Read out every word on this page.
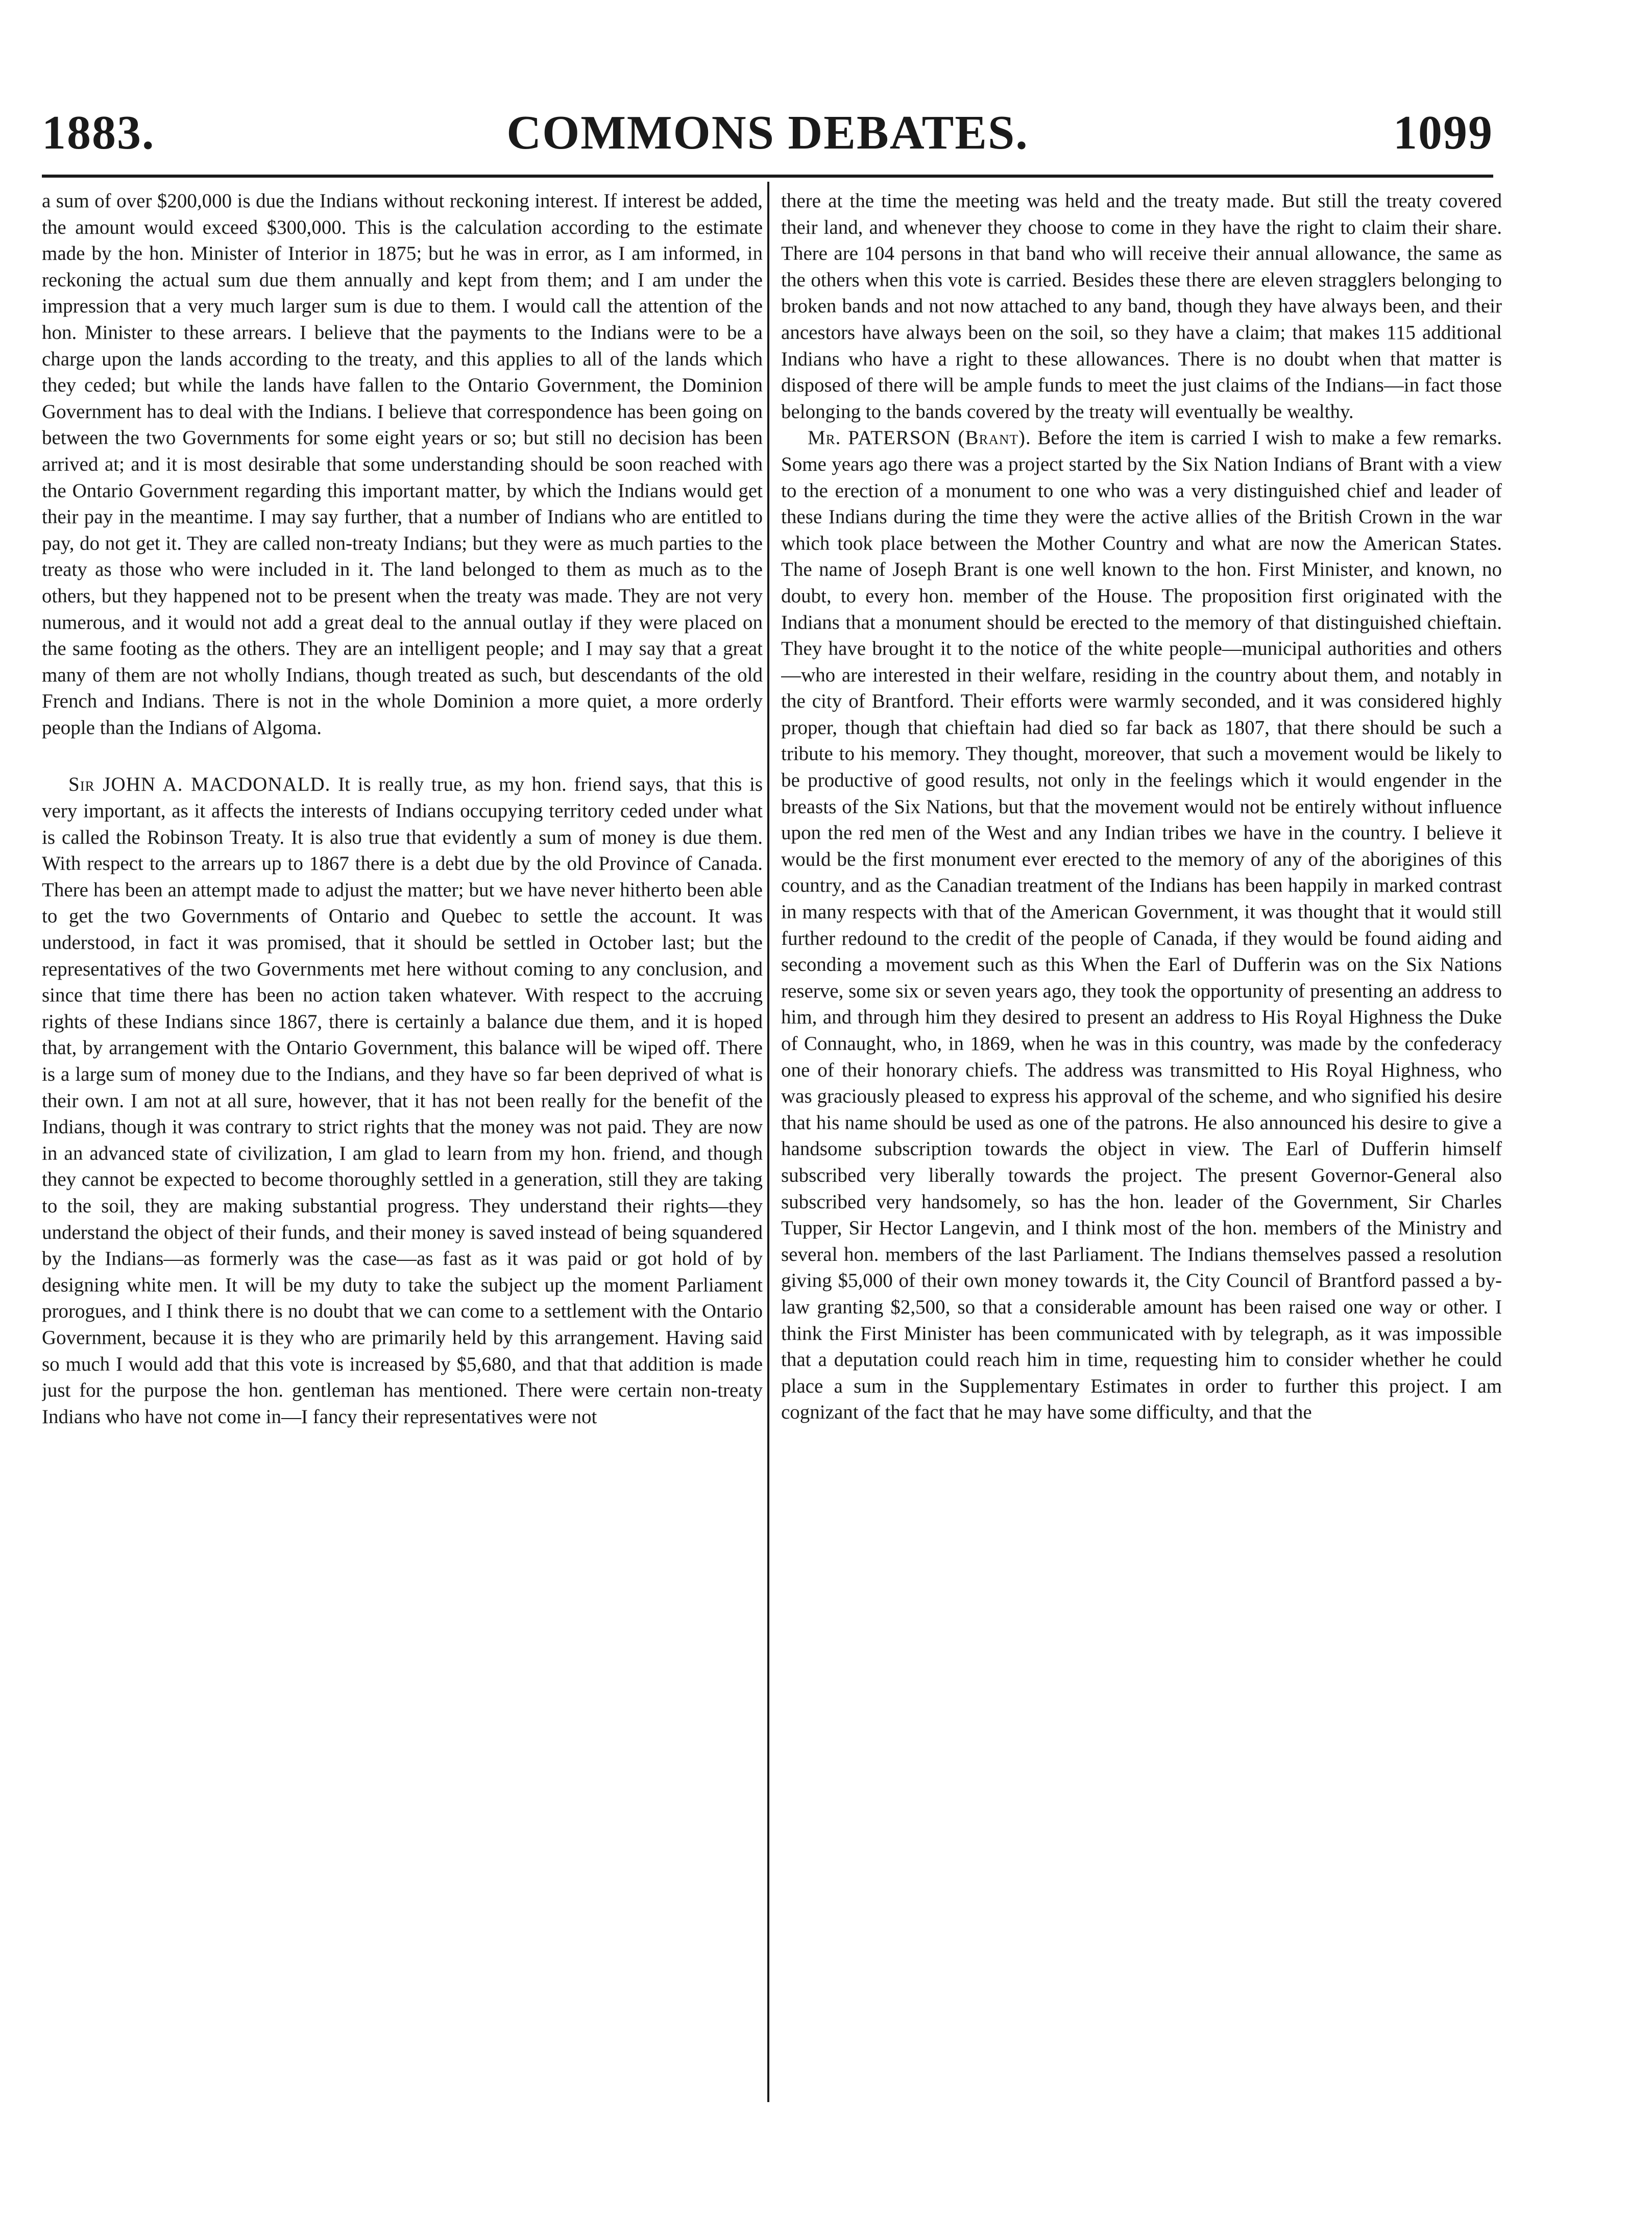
COMMONS DEBATES.
1883.	1099

a sum of over $200,000 is due the Indians without reckoning interest. If interest be added, the amount would exceed $300,000. This is the calculation according to the estimate made by the hon. Minister of Interior in 1875; but he was in error, as I am informed, in reckoning the actual sum due them annually and kept from them; and I am under the impression that a very much larger sum is due to them. I would call the attention of the hon. Minister to these arrears. I believe that the payments to the Indians were to be a charge upon the lands according to the treaty, and this applies to all of the lands which they ceded; but while the lands have fallen to the Ontario Government, the Dominion Government has to deal with the Indians. I believe that correspondence has been going on between the two Governments for some eight years or so; but still no decision has been arrived at; and it is most desirable that some understanding should be soon reached with the Ontario Government regarding this important matter, by which the Indians would get their pay in the meantime. I may say further, that a number of Indians who are entitled to pay, do not get it. They are called non-treaty Indians; but they were as much parties to the treaty as those who were included in it. The land belonged to them as much as to the others, but they happened not to be present when the treaty was made. They are not very numerous, and it would not add a great deal to the annual outlay if they were placed on the same footing as the others. They are an intelligent people; and I may say that a great many of them are not wholly Indians, though treated as such, but descendants of the old French and Indians. There is not in the whole Dominion a more quiet, a more orderly people than the Indians of Algoma.

Sir JOHN A. MACDONALD. It is really true, as my hon. friend says, that this is very important, as it affects the interests of Indians occupying territory ceded under what is called the Robinson Treaty. It is also true that evidently a sum of money is due them. With respect to the arrears up to 1867 there is a debt due by the old Province of Canada. There has been an attempt made to adjust the matter; but we have never hitherto been able to get the two Governments of Ontario and Quebec to settle the account. It was understood, in fact it was promised, that it should be settled in October last; but the representatives of the two Governments met here without coming to any conclusion, and since that time there has been no action taken whatever. With respect to the accruing rights of these Indians since 1867, there is certainly a balance due them, and it is hoped that, by arrangement with the Ontario Government, this balance will be wiped off. There is a large sum of money due to the Indians, and they have so far been deprived of what is their own. I am not at all sure, however, that it has not been really for the benefit of the Indians, though it was contrary to strict rights that the money was not paid. They are now in an advanced state of civilization, I am glad to learn from my hon. friend, and though they cannot be expected to become thoroughly settled in a generation, still they are taking to the soil, they are making substantial progress. They understand their rights—they understand the object of their funds, and their money is saved instead of being squandered by the Indians—as formerly was the case—as fast as it was paid or got hold of by designing white men. It will be my duty to take the subject up the moment Parliament prorogues, and I think there is no doubt that we can come to a settlement with the Ontario Government, because it is they who are primarily held by this arrangement. Having said so much I would add that this vote is increased by $5,680, and that that addition is made just for the purpose the hon. gentleman has mentioned. There were certain non-treaty Indians who have not come in—I fancy their representatives were not

there at the time the meeting was held and the treaty made. But still the treaty covered their land, and whenever they choose to come in they have the right to claim their share. There are 104 persons in that band who will receive their annual allowance, the same as the others when this vote is carried. Besides these there are eleven stragglers belonging to broken bands and not now attached to any band, though they have always been, and their ancestors have always been on the soil, so they have a claim; that makes 115 additional Indians who have a right to these allowances. There is no doubt when that matter is disposed of there will be ample funds to meet the just claims of the Indians—in fact those belonging to the bands covered by the treaty will eventually be wealthy.

Mr. PATERSON (Brant). Before the item is carried I wish to make a few remarks. Some years ago there was a project started by the Six Nation Indians of Brant with a view to the erection of a monument to one who was a very distinguished chief and leader of these Indians during the time they were the active allies of the British Crown in the war which took place between the Mother Country and what are now the American States. The name of Joseph Brant is one well known to the hon. First Minister, and known, no doubt, to every hon. member of the House. The proposition first originated with the Indians that a monument should be erected to the memory of that distinguished chieftain. They have brought it to the notice of the white people—municipal authorities and others—who are interested in their welfare, residing in the country about them, and notably in the city of Brantford. Their efforts were warmly seconded, and it was considered highly proper, though that chieftain had died so far back as 1807, that there should be such a tribute to his memory. They thought, moreover, that such a movement would be likely to be productive of good results, not only in the feelings which it would engender in the breasts of the Six Nations, but that the movement would not be entirely without influence upon the red men of the West and any Indian tribes we have in the country. I believe it would be the first monument ever erected to the memory of any of the aborigines of this country, and as the Canadian treatment of the Indians has been happily in marked contrast in many respects with that of the American Government, it was thought that it would still further redound to the credit of the people of Canada, if they would be found aiding and seconding a movement such as this When the Earl of Dufferin was on the Six Nations reserve, some six or seven years ago, they took the opportunity of presenting an address to him, and through him they desired to present an address to His Royal Highness the Duke of Connaught, who, in 1869, when he was in this country, was made by the confederacy one of their honorary chiefs. The address was transmitted to His Royal Highness, who was graciously pleased to express his approval of the scheme, and who signified his desire that his name should be used as one of the patrons. He also announced his desire to give a handsome subscription towards the object in view. The Earl of Dufferin himself subscribed very liberally towards the project. The present Governor-General also subscribed very handsomely, so has the hon. leader of the Government, Sir Charles Tupper, Sir Hector Langevin, and I think most of the hon. members of the Ministry and several hon. members of the last Parliament. The Indians themselves passed a resolution giving $5,000 of their own money towards it, the City Council of Brantford passed a by-law granting $2,500, so that a considerable amount has been raised one way or other. I think the First Minister has been communicated with by telegraph, as it was impossible that a deputation could reach him in time, requesting him to consider whether he could place a sum in the Supplementary Estimates in order to further this project. I am cognizant of the fact that he may have some difficulty, and that the
